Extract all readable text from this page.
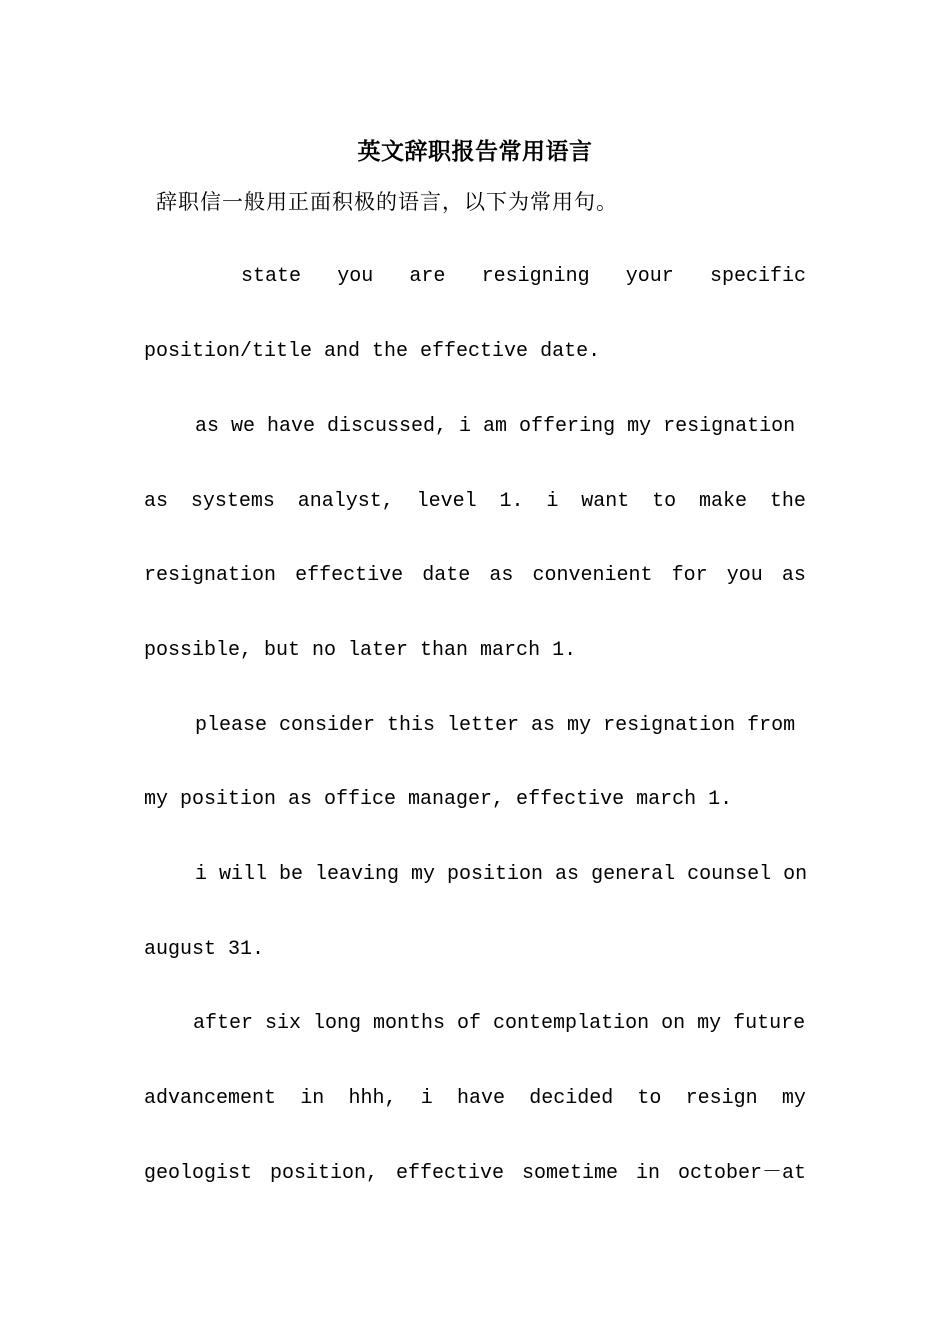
英文辞职报告常用语言
辞职信一般用正面积极的语言，以下为常用句。
state you are resigning your specific
position/title and the effective date.
as we have discussed, i am offering my resignation
as systems analyst, level 1. i want to make the
resignation effective date as convenient for you as
possible, but no later than march 1.
please consider this letter as my resignation from
my position as office manager, effective march 1.
i will be leaving my position as general counsel on
august 31.
after six long months of contemplation on my future
advancement in hhh, i have decided to resign my
geologist position, effective sometime in october－at
